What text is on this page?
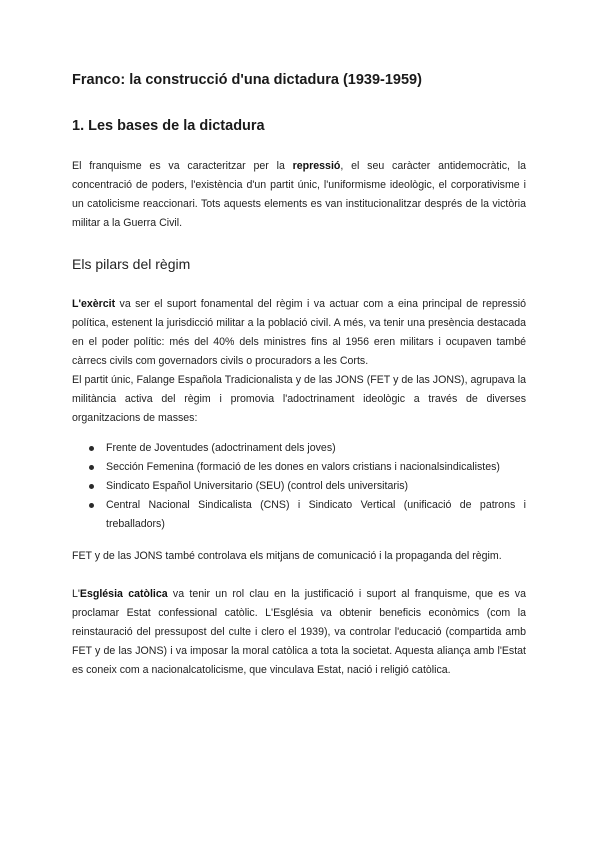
Franco: la construcció d'una dictadura (1939-1959)
1. Les bases de la dictadura

El franquisme es va caracteritzar per la repressió, el seu caràcter antidemocràtic, la concentració de poders, l'existència d'un partit únic, l'uniformisme ideològic, el corporativisme i un catolicisme reaccionari. Tots aquests elements es van institucionalitzar després de la victòria militar a la Guerra Civil.

Els pilars del règim

L'exèrcit va ser el suport fonamental del règim i va actuar com a eina principal de repressió política, estenent la jurisdicció militar a la població civil. A més, va tenir una presència destacada en el poder polític: més del 40% dels ministres fins al 1956 eren militars i ocupaven també càrrecs civils com governadors civils o procuradors a les Corts.

El partit únic, Falange Española Tradicionalista y de las JONS (FET y de las JONS), agrupava la militància activa del règim i promovia l'adoctrinament ideològic a través de diverses organitzacions de masses:

Frente de Joventudes (adoctrinament dels joves)
Sección Femenina (formació de les dones en valors cristians i nacionalsindicalistes)
Sindicato Español Universitario (SEU) (control dels universitaris)
Central Nacional Sindicalista (CNS) i Sindicato Vertical (unificació de patrons i treballadors)

FET y de las JONS també controlava els mitjans de comunicació i la propaganda del règim.

L'Església catòlica va tenir un rol clau en la justificació i suport al franquisme, que es va proclamar Estat confessional catòlic. L'Església va obtenir beneficis econòmics (com la reinstauració del pressupost del culte i clero el 1939), va controlar l'educació (compartida amb FET y de las JONS) i va imposar la moral catòlica a tota la societat. Aquesta aliança amb l'Estat es coneix com a nacionalcatolicisme, que vinculava Estat, nació i religió catòlica.
